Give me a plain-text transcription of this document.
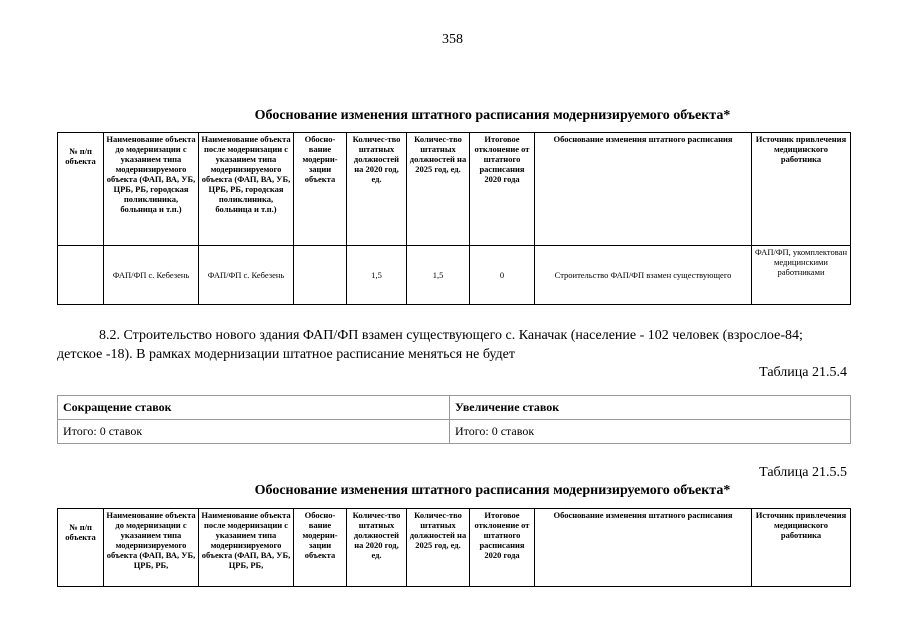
358
Обоснование изменения штатного расписания модернизируемого объекта*
№ п/п объекта	Наименование объекта до модернизации с указанием типа модернизируемого объекта (ФАП, ВА, УБ, ЦРБ, РБ, городская поликлиника, больница и т.п.)	Наименование объекта после модернизации с указанием типа модернизируемого объекта (ФАП, ВА, УБ, ЦРБ, РБ, городская поликлиника, больница и т.п.)	Обосно-вание модерни-зации объекта	Количес-тво штатных должностей на 2020 год, ед.	Количес-тво штатных должностей на 2025 год, ед.	Итоговое отклонение от штатного расписания 2020 года	Обоснование изменения штатного расписания	Источник привлечения медицинского работника
	ФАП/ФП с. Кебезень	ФАП/ФП с. Кебезень		1,5	1,5	0	Строительство ФАП/ФП взамен существующего	ФАП/ФП, укомплектован медицинскими работниками
8.2. Строительство нового здания ФАП/ФП взамен существующего с. Каначак (население - 102 человек (взрослое-84; детское -18). В рамках модернизации штатное расписание меняться не будет
Таблица 21.5.4
Сокращение ставок	Увеличение ставок
Итого: 0 ставок	Итого: 0 ставок
Таблица 21.5.5
Обоснование изменения штатного расписания модернизируемого объекта*
№ п/п объекта	Наименование объекта до модернизации с указанием типа модернизируемого объекта (ФАП, ВА, УБ, ЦРБ, РБ,	Наименование объекта после модернизации с указанием типа модернизируемого объекта (ФАП, ВА, УБ, ЦРБ, РБ,	Обосно-вание модерни-зации объекта	Количес-тво штатных должностей на 2020 год, ед.	Количес-тво штатных должностей на 2025 год, ед.	Итоговое отклонение от штатного расписания 2020 года	Обоснование изменения штатного расписания	Источник привлечения медицинского работника
